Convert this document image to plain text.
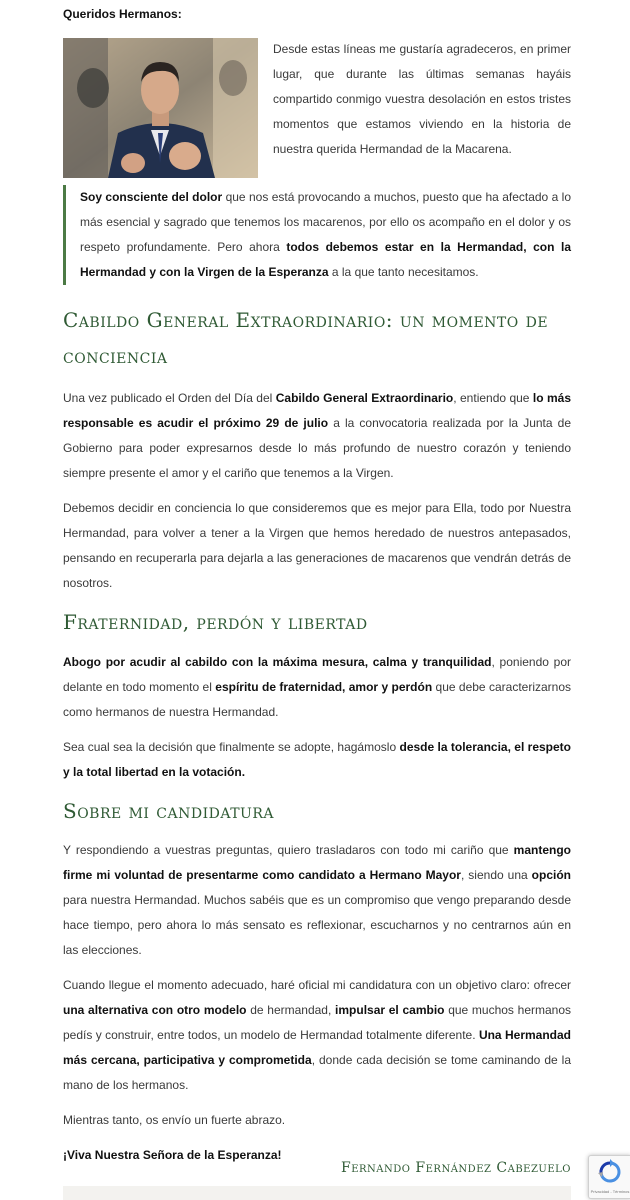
Queridos Hermanos:

Desde estas líneas me gustaría agradeceros, en primer lugar, que durante las últimas semanas hayáis compartido conmigo vuestra desolación en estos tristes momentos que estamos viviendo en la historia de nuestra querida Hermandad de la Macarena.

Soy consciente del dolor que nos está provocando a muchos, puesto que ha afectado a lo más esencial y sagrado que tenemos los macarenos, por ello os acompaño en el dolor y os respeto profundamente. Pero ahora todos debemos estar en la Hermandad, con la Hermandad y con la Virgen de la Esperanza a la que tanto necesitamos.

Cabildo General Extraordinario: un momento de conciencia

Una vez publicado el Orden del Día del Cabildo General Extraordinario, entiendo que lo más responsable es acudir el próximo 29 de julio a la convocatoria realizada por la Junta de Gobierno para poder expresarnos desde lo más profundo de nuestro corazón y teniendo siempre presente el amor y el cariño que tenemos a la Virgen.

Debemos decidir en conciencia lo que consideremos que es mejor para Ella, todo por Nuestra Hermandad, para volver a tener a la Virgen que hemos heredado de nuestros antepasados, pensando en recuperarla para dejarla a las generaciones de macarenos que vendrán detrás de nosotros.

Fraternidad, perdón y libertad

Abogo por acudir al cabildo con la máxima mesura, calma y tranquilidad, poniendo por delante en todo momento el espíritu de fraternidad, amor y perdón que debe caracterizarnos como hermanos de nuestra Hermandad.

Sea cual sea la decisión que finalmente se adopte, hagámoslo desde la tolerancia, el respeto y la total libertad en la votación.

Sobre mi candidatura

Y respondiendo a vuestras preguntas, quiero trasladaros con todo mi cariño que mantengo firme mi voluntad de presentarme como candidato a Hermano Mayor, siendo una opción para nuestra Hermandad. Muchos sabéis que es un compromiso que vengo preparando desde hace tiempo, pero ahora lo más sensato es reflexionar, escucharnos y no centrarnos aún en las elecciones.

Cuando llegue el momento adecuado, haré oficial mi candidatura con un objetivo claro: ofrecer una alternativa con otro modelo de hermandad, impulsar el cambio que muchos hermanos pedís y construir, entre todos, un modelo de Hermandad totalmente diferente. Una Hermandad más cercana, participativa y comprometida, donde cada decisión se tome caminando de la mano de los hermanos.

Mientras tanto, os envío un fuerte abrazo.

¡Viva Nuestra Señora de la Esperanza!

Fernando Fernández Cabezuelo
Privacidad - Términos
